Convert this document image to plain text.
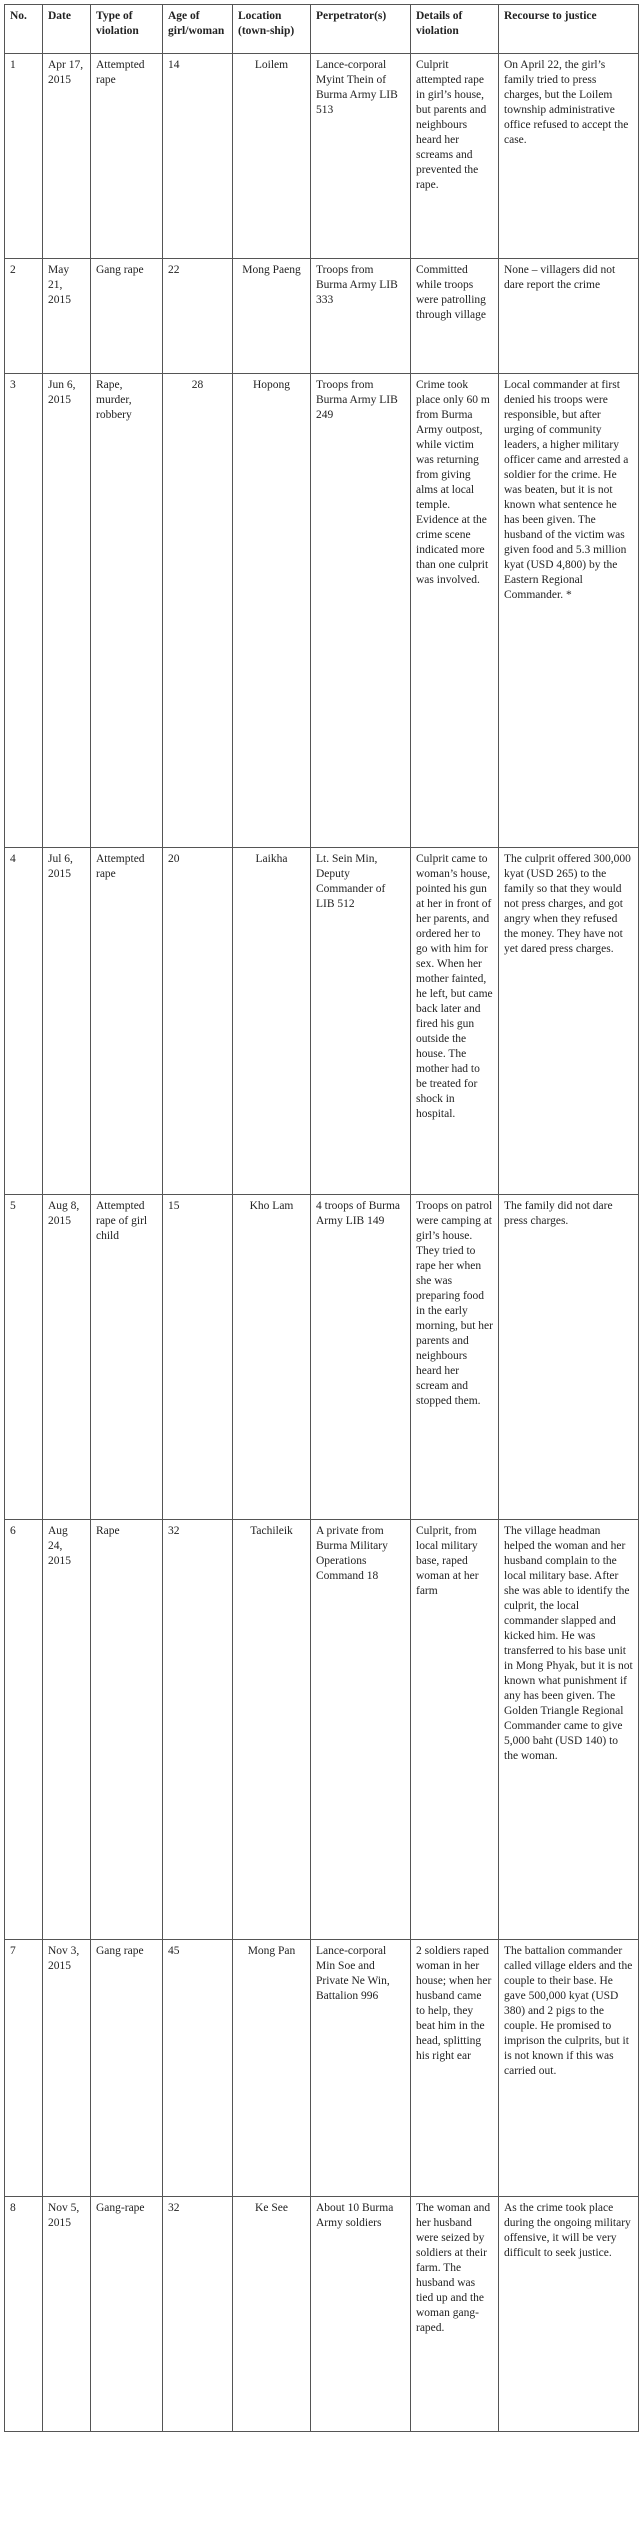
No.	Date	Type of violation	Age of girl/woman	Location (town-ship)	Perpetrator(s)	Details of violation	Recourse to justice
1	Apr 17, 2015	Attempted rape	14	Loilem	Lance-corporal Myint Thein of Burma Army LIB 513	Culprit attempted rape in girl’s house, but parents and neighbours heard her screams and prevented the rape.	On April 22, the girl’s family tried to press charges, but the Loilem township administrative office refused to accept the case.
2	May 21, 2015	Gang rape	22	Mong Paeng	Troops from Burma Army LIB 333	Committed while troops were patrolling through village	None – villagers did not dare report the crime
3	Jun 6, 2015	Rape, murder, robbery	28	Hopong	Troops from Burma Army LIB 249	Crime took place only 60 m from Burma Army outpost, while victim was returning from giving alms at local temple. Evidence at the crime scene indicated more than one culprit was involved.	Local commander at first denied his troops were responsible, but after urging of community leaders, a higher military officer came and arrested a soldier for the crime. He was beaten, but it is not known what sentence he has been given. The husband of the victim was given food and 5.3 million kyat (USD 4,800) by the Eastern Regional Commander. *
4	Jul 6, 2015	Attempted rape	20	Laikha	Lt. Sein Min, Deputy Commander of LIB 512	Culprit came to woman’s house, pointed his gun at her in front of her parents, and ordered her to go with him for sex. When her mother fainted, he left, but came back later and fired his gun outside the house. The mother had to be treated for shock in hospital.	The culprit offered 300,000 kyat (USD 265) to the family so that they would not press charges, and got angry when they refused the money. They have not yet dared press charges.
5	Aug 8, 2015	Attempted rape of girl child	15	Kho Lam	4 troops of Burma Army LIB 149	Troops on patrol were camping at girl’s house. They tried to rape her when she was preparing food in the early morning, but her parents and neighbours heard her scream and stopped them.	The family did not dare press charges.
6	Aug 24, 2015	Rape	32	Tachileik	A private from Burma Military Operations Command 18	Culprit, from local military base, raped woman at her farm	The village headman helped the woman and her husband complain to the local military base. After she was able to identify the culprit, the local commander slapped and kicked him. He was transferred to his base unit in Mong Phyak, but it is not known what punishment if any has been given. The Golden Triangle Regional Commander came to give 5,000 baht (USD 140) to the woman.
7	Nov 3, 2015	Gang rape	45	Mong Pan	Lance-corporal Min Soe and Private Ne Win, Battalion 996	2 soldiers raped woman in her house; when her husband came to help, they beat him in the head, splitting his right ear	The battalion commander called village elders and the couple to their base. He gave 500,000 kyat (USD 380) and 2 pigs to the couple. He promised to imprison the culprits, but it is not known if this was carried out.
8	Nov 5, 2015	Gang-rape	32	Ke See	About 10 Burma Army soldiers	The woman and her husband were seized by soldiers at their farm. The husband was tied up and the woman gang-raped.	As the crime took place during the ongoing military offensive, it will be very difficult to seek justice.
